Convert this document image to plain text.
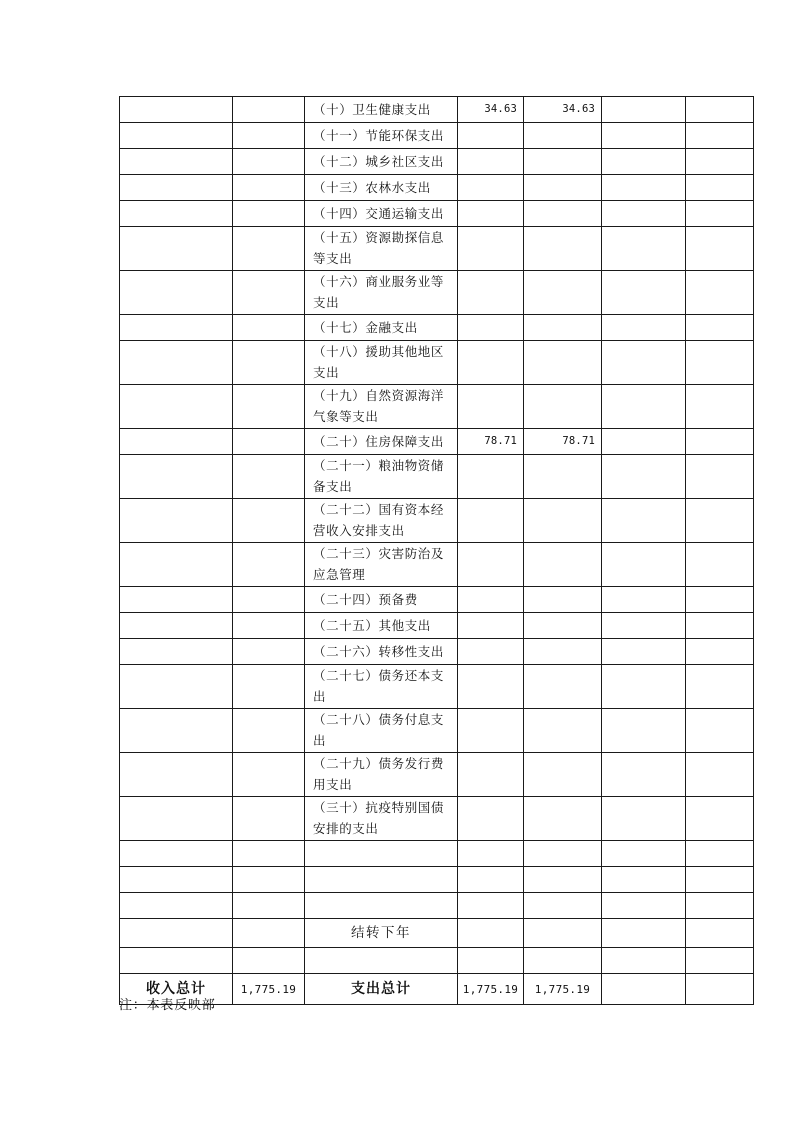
		（十）卫生健康支出	34.63	34.63		
		（十一）节能环保支出				
		（十二）城乡社区支出				
		（十三）农林水支出				
		（十四）交通运输支出				
		（十五）资源勘探信息等支出				
		（十六）商业服务业等支出				
		（十七）金融支出				
		（十八）援助其他地区支出				
		（十九）自然资源海洋气象等支出				
		（二十）住房保障支出	78.71	78.71		
		（二十一）粮油物资储备支出				
		（二十二）国有资本经营收入安排支出				
		（二十三）灾害防治及应急管理				
		（二十四）预备费				
		（二十五）其他支出				
		（二十六）转移性支出				
		（二十七）债务还本支出				
		（二十八）债务付息支出				
		（二十九）债务发行费用支出				
		（三十）抗疫特别国债安排的支出				

		结转下年				

收入总计	1,775.19	支出总计	1,775.19	1,775.19		
注：本表反映部
